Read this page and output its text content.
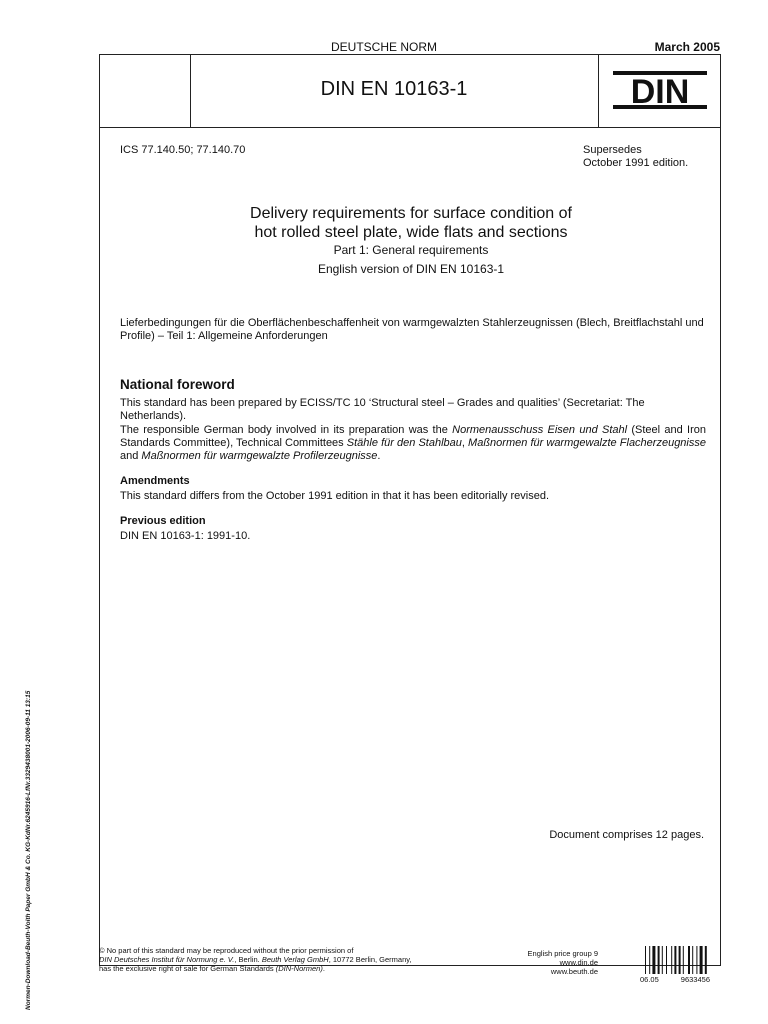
DEUTSCHE NORM	March 2005
DIN EN 10163-1	DIN
ICS 77.140.50; 77.140.70	Supersedes
October 1991 edition.
Delivery requirements for surface condition of
hot rolled steel plate, wide flats and sections
Part 1: General requirements
English version of DIN EN 10163-1
Lieferbedingungen für die Oberflächenbeschaffenheit von warmgewalzten Stahlerzeugnissen (Blech, Breitflachstahl und Profile) – Teil 1: Allgemeine Anforderungen
National foreword
This standard has been prepared by ECISS/TC 10 ‘Structural steel – Grades and qualities’ (Secretariat: The Netherlands).
The responsible German body involved in its preparation was the Normenausschuss Eisen und Stahl (Steel and Iron Standards Committee), Technical Committees Stähle für den Stahlbau, Maßnormen für warmgewalzte Flacherzeugnisse and Maßnormen für warmgewalzte Profilerzeugnisse.
Amendments
This standard differs from the October 1991 edition in that it has been editorially revised.
Previous edition
DIN EN 10163-1: 1991-10.
Document comprises 12 pages.
Normen-Download-Beuth-Voith Paper GmbH & Co. KG-KdNr.6245916-LfNr.3329438001-2006-09-11 13:15	© No part of this standard may be reproduced without the prior permission of
DIN Deutsches Institut für Normung e. V., Berlin. Beuth Verlag GmbH, 10772 Berlin, Germany,
has the exclusive right of sale for German Standards (DIN-Normen).
English price group 9
www.din.de
www.beuth.de
06.05	9633456
